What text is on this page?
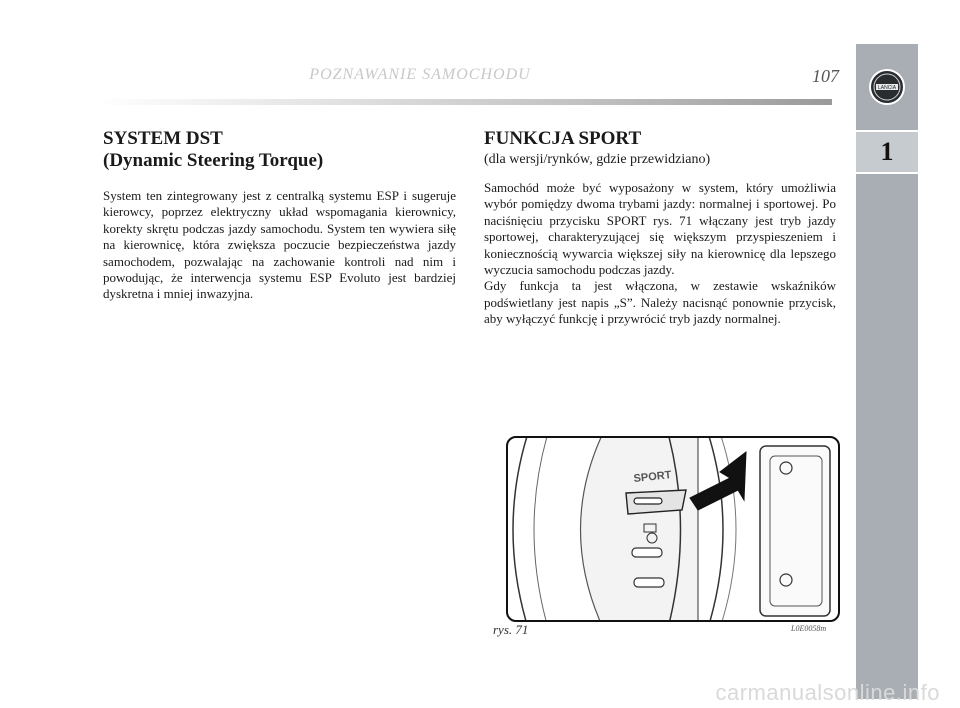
POZNAWANIE SAMOCHODU	107
LANCIA
1
SYSTEM DST
(Dynamic Steering Torque)

System ten zintegrowany jest z centralką systemu ESP i sugeruje kierowcy, poprzez elektryczny układ wspomagania kierownicy, korekty skrętu podczas jazdy samochodu. System ten wywiera siłę na kierownicę, która zwiększa poczucie bezpieczeństwa jazdy samochodem, pozwalając na zachowanie kontroli nad nim i powodując, że interwencja systemu ESP Evoluto jest bardziej dyskretna i mniej inwazyjna.

FUNKCJA SPORT
(dla wersji/rynków, gdzie przewidziano)

Samochód może być wyposażony w system, który umożliwia wybór pomiędzy dwoma trybami jazdy: normalnej i sportowej. Po naciśnięciu przycisku SPORT rys. 71 włączany jest tryb jazdy sportowej, charakteryzującej się większym przyspieszeniem i koniecznością wywarcia większej siły na kierownicę dla lepszego wyczucia samochodu podczas jazdy.

Gdy funkcja ta jest włączona, w zestawie wskaźników podświetlany jest napis „S”. Należy nacisnąć ponownie przycisk, aby wyłączyć funkcję i przywrócić tryb jazdy normalnej.

SPORT
rys. 71	L0E0058m
carmanualsonline.info
